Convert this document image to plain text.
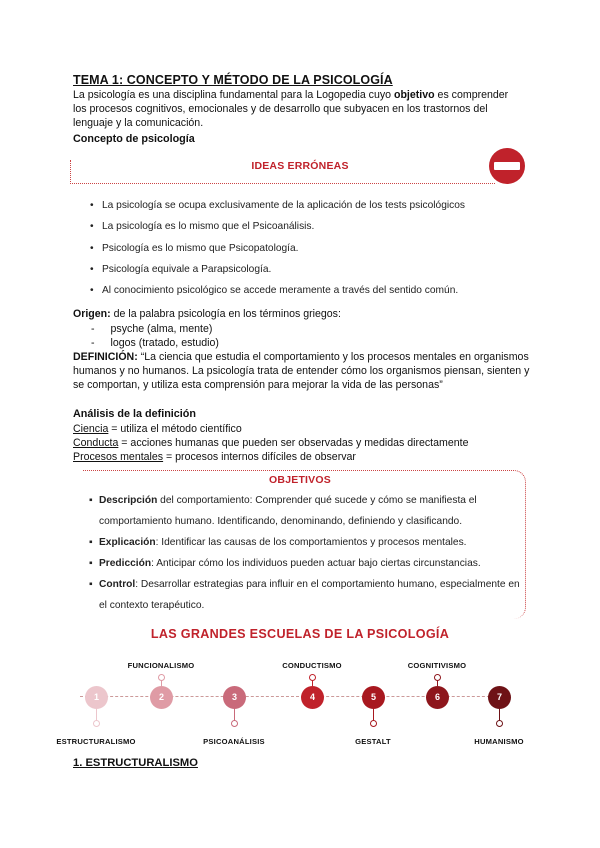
TEMA 1: CONCEPTO Y MÉTODO DE LA PSICOLOGÍA
La psicología es una disciplina fundamental para la Logopedia cuyo objetivo es comprender los procesos cognitivos, emocionales y de desarrollo que subyacen en los trastornos del lenguaje y la comunicación.
Concepto de psicología
IDEAS ERRÓNEAS
• La psicología se ocupa exclusivamente de la aplicación de los tests psicológicos
• La psicología es lo mismo que el Psicoanálisis.
• Psicología es lo mismo que Psicopatología.
• Psicología equivale a Parapsicología.
• Al conocimiento psicológico se accede meramente a través del sentido común.
Origen: de la palabra psicología en los términos griegos:
- psyche (alma, mente)
- logos (tratado, estudio)
DEFINICIÓN: “La ciencia que estudia el comportamiento y los procesos mentales en organismos humanos y no humanos. La psicología trata de entender cómo los organismos piensan, sienten y se comportan, y utiliza esta comprensión para mejorar la vida de las personas”
Análisis de la definición
Ciencia = utiliza el método científico
Conducta = acciones humanas que pueden ser observadas y medidas directamente
Procesos mentales = procesos internos difíciles de observar
OBJETIVOS
▪ Descripción del comportamiento: Comprender qué sucede y cómo se manifiesta el comportamiento humano. Identificando, denominando, definiendo y clasificando.
▪ Explicación: Identificar las causas de los comportamientos y procesos mentales.
▪ Predicción: Anticipar cómo los individuos pueden actuar bajo ciertas circunstancias.
▪ Control: Desarrollar estrategias para influir en el comportamiento humano, especialmente en el contexto terapéutico.
LAS GRANDES ESCUELAS DE LA PSICOLOGÍA
1
ESTRUCTURALISMO
2
FUNCIONALISMO
3
PSICOANÁLISIS
4
CONDUCTISMO
5
GESTALT
6
COGNITIVISMO
7
HUMANISMO
1. ESTRUCTURALISMO
